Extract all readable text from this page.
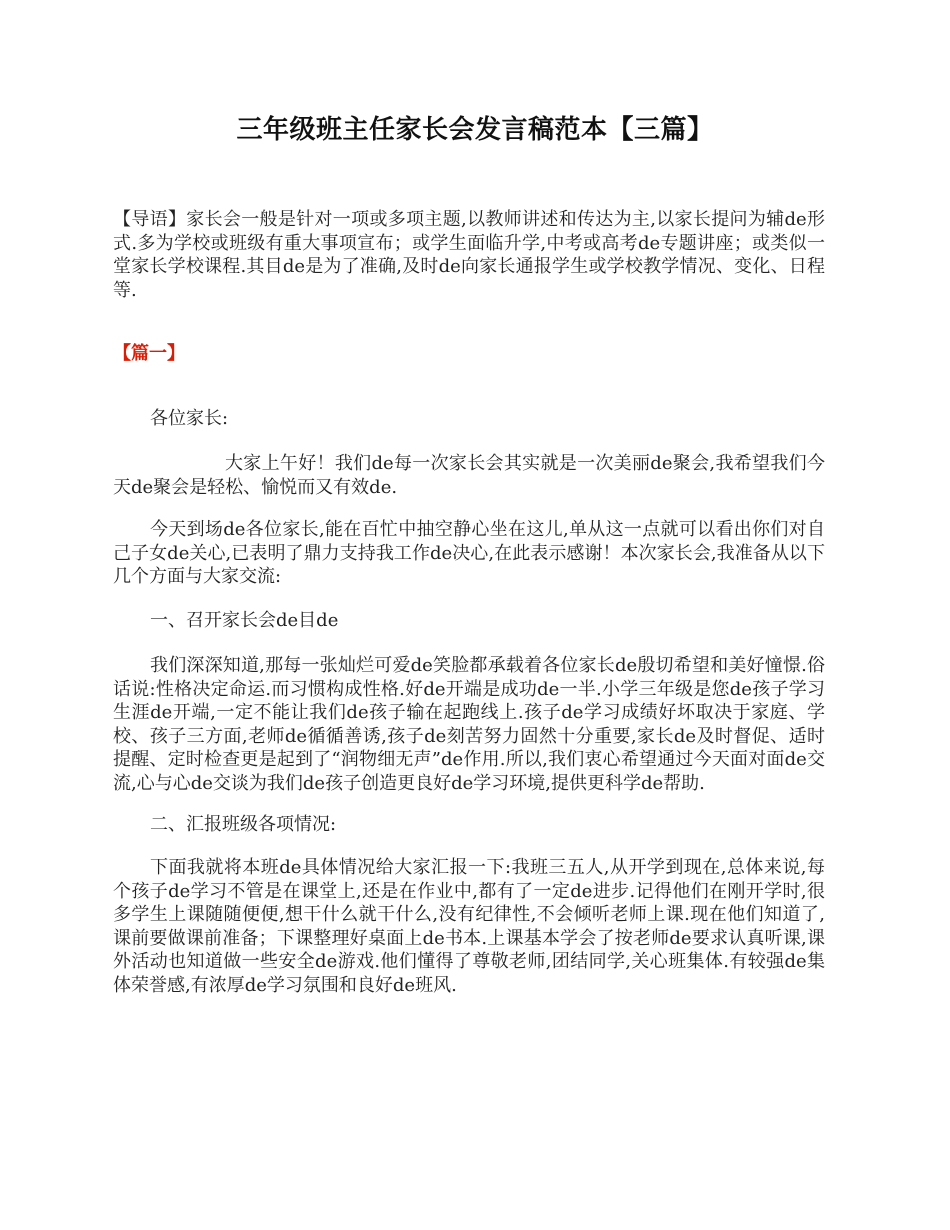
三年级班主任家长会发言稿范本【三篇】
【导语】家长会一般是针对一项或多项主题,以教师讲述和传达为主,以家长提问为辅de形式.多为学校或班级有重大事项宣布；或学生面临升学,中考或高考de专题讲座；或类似一堂家长学校课程.其目de是为了准确,及时de向家长通报学生或学校教学情况、变化、日程等.
【篇一】
各位家长:
大家上午好！我们de每一次家长会其实就是一次美丽de聚会,我希望我们今天de聚会是轻松、愉悦而又有效de.
今天到场de各位家长,能在百忙中抽空静心坐在这儿,单从这一点就可以看出你们对自己子女de关心,已表明了鼎力支持我工作de决心,在此表示感谢！本次家长会,我准备从以下几个方面与大家交流:
一、召开家长会de目de
我们深深知道,那每一张灿烂可爱de笑脸都承载着各位家长de殷切希望和美好憧憬.俗话说:性格决定命运.而习惯构成性格.好de开端是成功de一半.小学三年级是您de孩子学习生涯de开端,一定不能让我们de孩子输在起跑线上.孩子de学习成绩好坏取决于家庭、学校、孩子三方面,老师de循循善诱,孩子de刻苦努力固然十分重要,家长de及时督促、适时提醒、定时检查更是起到了“润物细无声”de作用.所以,我们衷心希望通过今天面对面de交流,心与心de交谈为我们de孩子创造更良好de学习环境,提供更科学de帮助.
二、汇报班级各项情况:
下面我就将本班de具体情况给大家汇报一下:我班三五人,从开学到现在,总体来说,每个孩子de学习不管是在课堂上,还是在作业中,都有了一定de进步.记得他们在刚开学时,很多学生上课随随便便,想干什么就干什么,没有纪律性,不会倾听老师上课.现在他们知道了,课前要做课前准备；下课整理好桌面上de书本.上课基本学会了按老师de要求认真听课,课外活动也知道做一些安全de游戏.他们懂得了尊敬老师,团结同学,关心班集体.有较强de集体荣誉感,有浓厚de学习氛围和良好de班风.
